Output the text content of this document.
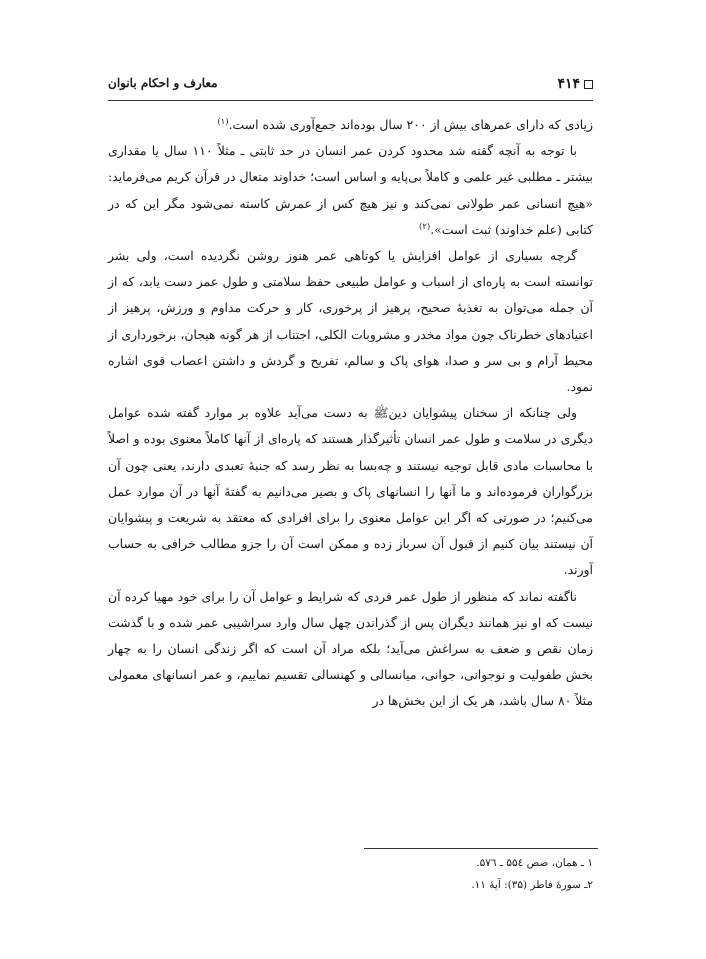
۴۱۴
معارف و احکام بانوان

زیادی که دارای عمرهای بیش از ۲۰۰ سال بوده‌اند جمع‌آوری شده است.$^{(۱)}$

با توجه به آنچه گفته شد محدود کردن عمر انسان در حد ثابتی ـ مثلاً ۱۱۰ سال یا مقداری بیشتر ـ مطلبی غیر علمی و کاملاً بی‌پایه و اساس است؛ خداوند متعال در قرآن کریم می‌فرماید: «هیچ انسانی عمر طولانی نمی‌کند و نیز هیچ کس از عمرش کاسته نمی‌شود مگر این که در کتابی (علم خداوند) ثبت است».$^{(۲)}$

گرچه بسیاری از عوامل افزایش یا کوتاهی عمر هنوز روشن نگردیده است، ولی بشر توانسته است به پاره‌ای از اسباب و عوامل طبیعی حفظ سلامتی و طول عمر دست یابد، که از آن جمله می‌توان به تغذیهٔ صحیح، پرهیز از پرخوری، کار و حرکت مداوم و ورزش، پرهیز از اعتیادهای خطرناک چون مواد مخدر و مشروبات الکلی، اجتناب از هر گونه هیجان، برخورداری از محیط آرام و بی سر و صدا، هوای پاک و سالم، تفریح و گردش و داشتن اعصاب قوی اشاره نمود.

ولی چنانکه از سخنان پیشوایان دینﷺ به دست می‌آید علاوه بر موارد گفته شده عوامل دیگری در سلامت و طول عمر انسان تأثیرگذار هستند که پاره‌ای از آنها کاملاً معنوی بوده و اصلاً با محاسبات مادی قابل توجیه نیستند و چه‌بسا به نظر رسد که جنبهٔ تعبدی دارند، یعنی چون آن بزرگواران فرموده‌اند و ما آنها را انسانهای پاک و بصیر می‌دانیم به گفتهٔ آنها در آن موارد عمل می‌کنیم؛ در صورتی که اگر این عوامل معنوی را برای افرادی که معتقد به شریعت و پیشوایان آن نیستند بیان کنیم از قبول آن سرباز زده و ممکن است آن را جزو مطالب خرافی به حساب آورند.

ناگفته نماند که منظور از طول عمر فردی که شرایط و عوامل آن را برای خود مهیا کرده آن نیست که او نیز همانند دیگران پس از گذراندن چهل سال وارد سراشیبی عمر شده و با گذشت زمان نقص و ضعف به سراغش می‌آید؛ بلکه مراد آن است که اگر زندگی انسان را به چهار بخش طفولیت و نوجوانی، جوانی، میانسالی و کهنسالی تقسیم نماییم، و عمر انسانهای معمولی مثلاً ۸۰ سال باشد، هر یک از این بخش‌ها در

۱ ـ همان، صص ۵۵٤ ـ ۵۷٦.
۲ـ سورهٔ فاطر (۳۵): آیهٔ ۱۱.
